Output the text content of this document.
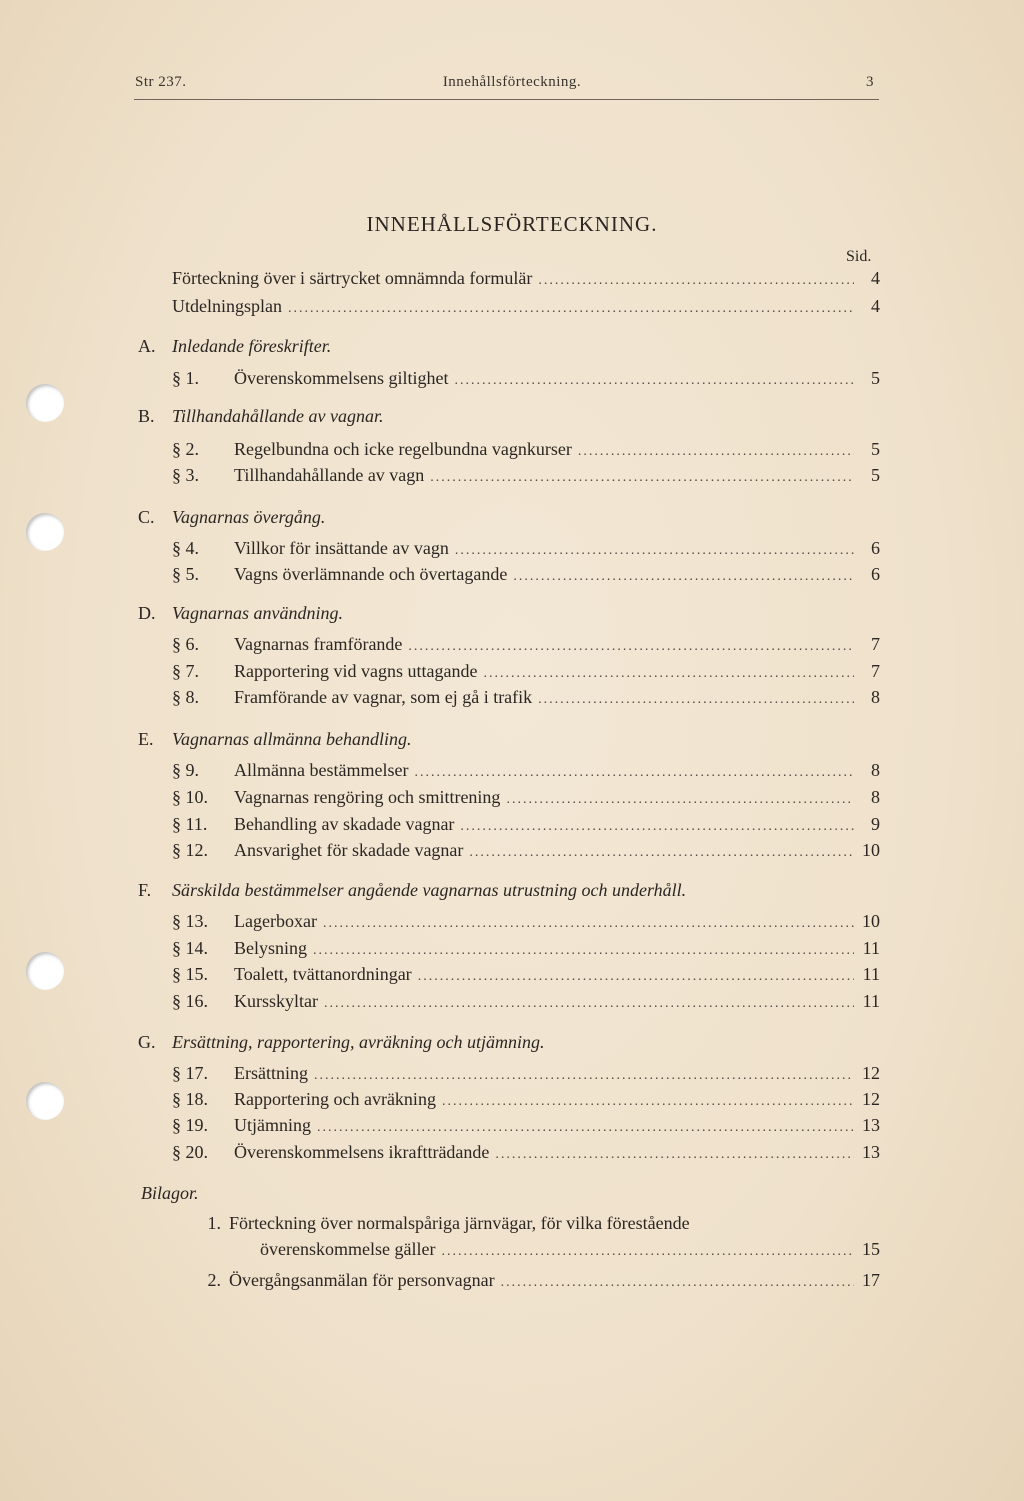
Str 237.	Innehållsförteckning.	3
INNEHÅLLSFÖRTECKNING.
Sid.
Förteckning över i särtrycket omnämnda formulär .....	4
Utdelningsplan .....	4
A. Inledande föreskrifter.
§ 1.	Överenskommelsens giltighet .....	5
B. Tillhandahållande av vagnar.
§ 2.	Regelbundna och icke regelbundna vagnkurser .....	5
§ 3.	Tillhandahållande av vagn .....	5
C. Vagnarnas övergång.
§ 4.	Villkor för insättande av vagn .....	6
§ 5.	Vagns överlämnande och övertagande .....	6
D. Vagnarnas användning.
§ 6.	Vagnarnas framförande .....	7
§ 7.	Rapportering vid vagns uttagande .....	7
§ 8.	Framförande av vagnar, som ej gå i trafik .....	8
E. Vagnarnas allmänna behandling.
§ 9.	Allmänna bestämmelser .....	8
§ 10.	Vagnarnas rengöring och smittrening .....	8
§ 11.	Behandling av skadade vagnar .....	9
§ 12.	Ansvarighet för skadade vagnar .....	10
F. Särskilda bestämmelser angående vagnarnas utrustning och underhåll.
§ 13.	Lagerboxar .....	10
§ 14.	Belysning .....	11
§ 15.	Toalett, tvättanordningar .....	11
§ 16.	Kursskyltar .....	11
G. Ersättning, rapportering, avräkning och utjämning.
§ 17.	Ersättning .....	12
§ 18.	Rapportering och avräkning .....	12
§ 19.	Utjämning .....	13
§ 20.	Överenskommelsens ikraftträdande .....	13
Bilagor.
1. Förteckning över normalspåriga järnvägar, för vilka förestående
överenskommelse gäller .....	15
2. Övergångsanmälan för personvagnar .....	17
